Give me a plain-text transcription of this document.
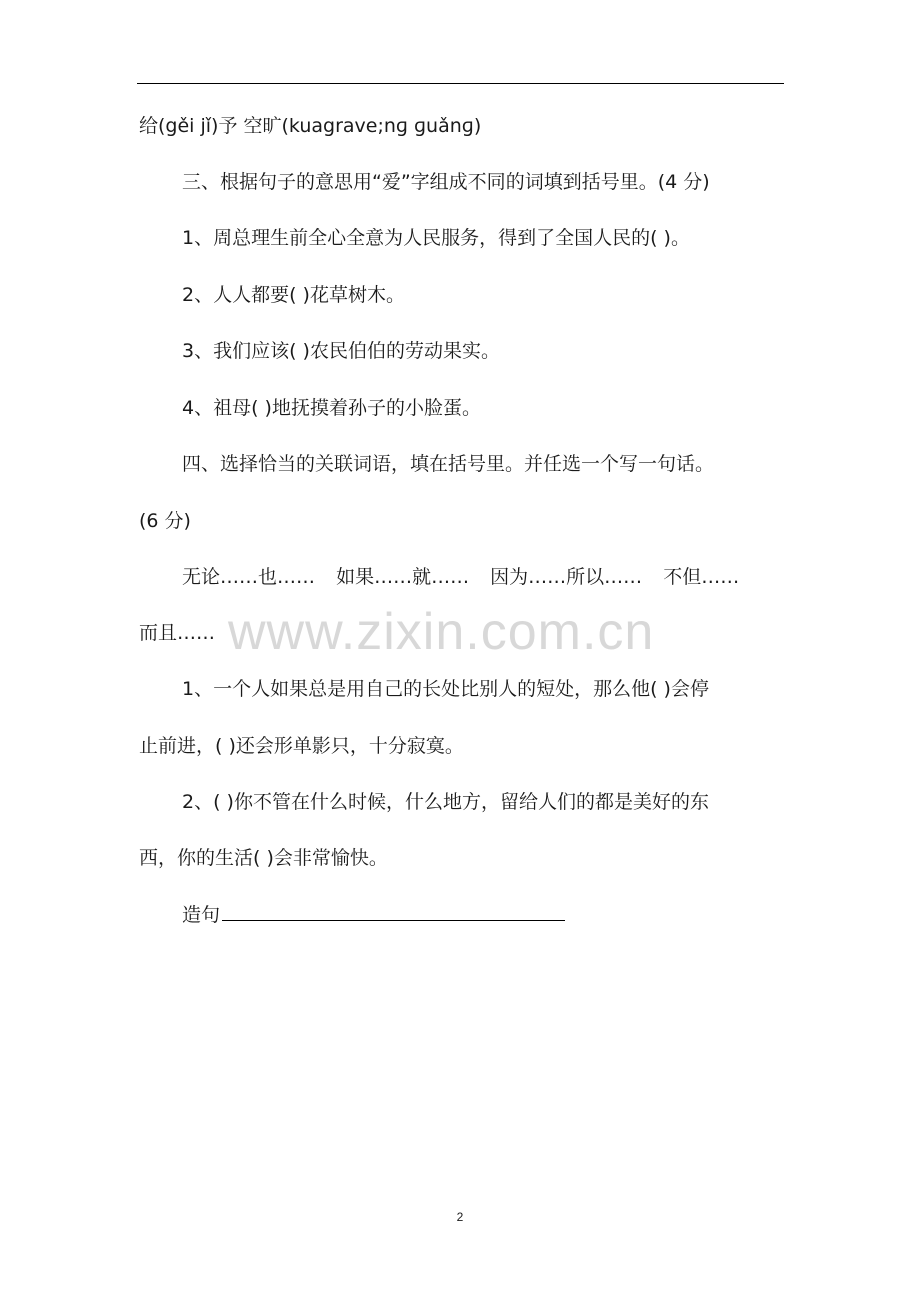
给(gěi jǐ)予 空旷(kuagrave;nɡ ɡuǎnɡ)
三、根据句子的意思用“爱”字组成不同的词填到括号里。(4 分)
1、周总理生前全心全意为人民服务，得到了全国人民的( )。
2、人人都要( )花草树木。
3、我们应该( )农民伯伯的劳动果实。
4、祖母( )地抚摸着孙子的小脸蛋。
四、选择恰当的关联词语，填在括号里。并任选一个写一句话。
(6 分)
无论……也…… 如果……就…… 因为……所以…… 不但……
而且…… www.zixin.com.cn
1、一个人如果总是用自己的长处比别人的短处，那么他( )会停
止前进，( )还会形单影只，十分寂寞。
2、( )你不管在什么时候，什么地方，留给人们的都是美好的东
西，你的生活( )会非常愉快。
造句
2
